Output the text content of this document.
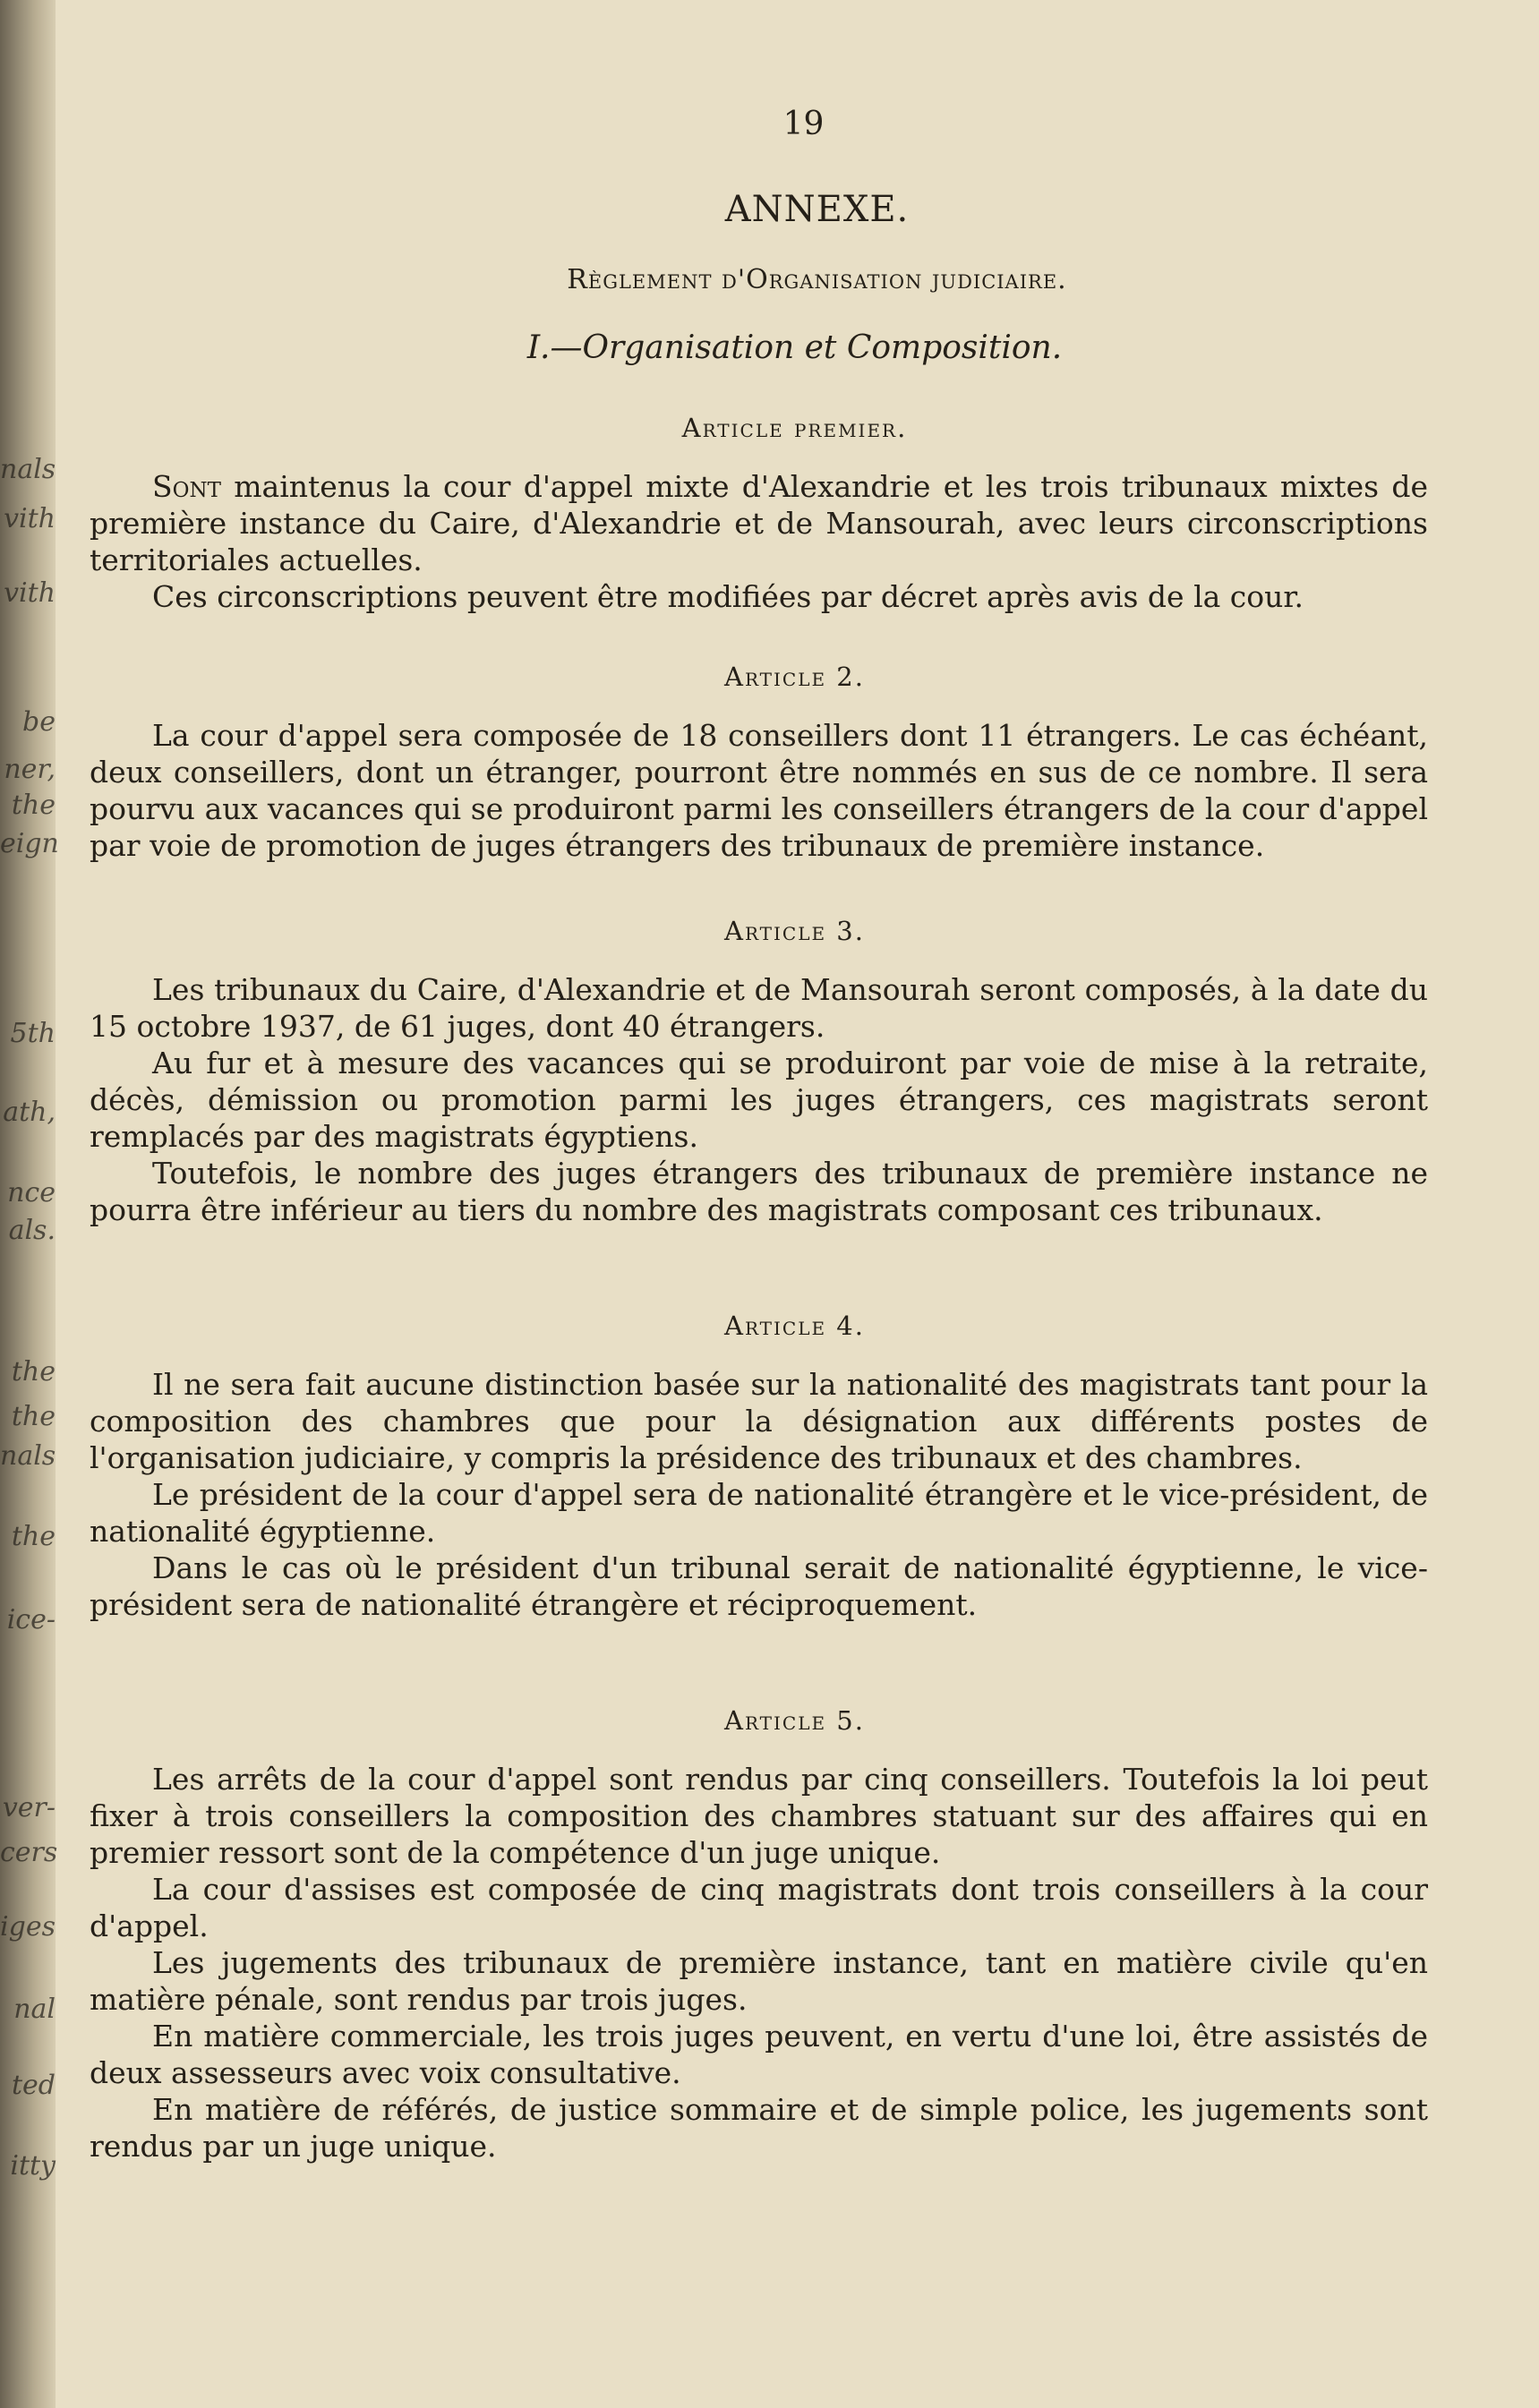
nals
vith
vith
be
ner,
the
eign
5th
ath,
nce
als.
the
the
nals
the
ice-
ver-
cers
iges
nal
ted
itty
19
ANNEXE.
Règlement d'Organisation judiciaire.
I.—Organisation et Composition.
Article premier.

Sont maintenus la cour d'appel mixte d'Alexandrie et les trois tribunaux mixtes de première instance du Caire, d'Alexandrie et de Mansourah, avec leurs circonscriptions territoriales actuelles.

Ces circonscriptions peuvent être modifiées par décret après avis de la cour.

Article 2.

La cour d'appel sera composée de 18 conseillers dont 11 étrangers. Le cas échéant, deux conseillers, dont un étranger, pourront être nommés en sus de ce nombre. Il sera pourvu aux vacances qui se produiront parmi les conseillers étrangers de la cour d'appel par voie de promotion de juges étrangers des tribunaux de première instance.

Article 3.

Les tribunaux du Caire, d'Alexandrie et de Mansourah seront composés, à la date du 15 octobre 1937, de 61 juges, dont 40 étrangers.

Au fur et à mesure des vacances qui se produiront par voie de mise à la retraite, décès, démission ou promotion parmi les juges étrangers, ces magistrats seront remplacés par des magistrats égyptiens.

Toutefois, le nombre des juges étrangers des tribunaux de première instance ne pourra être inférieur au tiers du nombre des magistrats composant ces tribunaux.

Article 4.

Il ne sera fait aucune distinction basée sur la nationalité des magistrats tant pour la composition des chambres que pour la désignation aux différents postes de l'organisation judiciaire, y compris la présidence des tribunaux et des chambres.

Le président de la cour d'appel sera de nationalité étrangère et le vice-président, de nationalité égyptienne.

Dans le cas où le président d'un tribunal serait de nationalité égyptienne, le vice-président sera de nationalité étrangère et réciproquement.

Article 5.

Les arrêts de la cour d'appel sont rendus par cinq conseillers. Toutefois la loi peut fixer à trois conseillers la composition des chambres statuant sur des affaires qui en premier ressort sont de la compétence d'un juge unique.

La cour d'assises est composée de cinq magistrats dont trois conseillers à la cour d'appel.

Les jugements des tribunaux de première instance, tant en matière civile qu'en matière pénale, sont rendus par trois juges.

En matière commerciale, les trois juges peuvent, en vertu d'une loi, être assistés de deux assesseurs avec voix consultative.

En matière de référés, de justice sommaire et de simple police, les jugements sont rendus par un juge unique.
